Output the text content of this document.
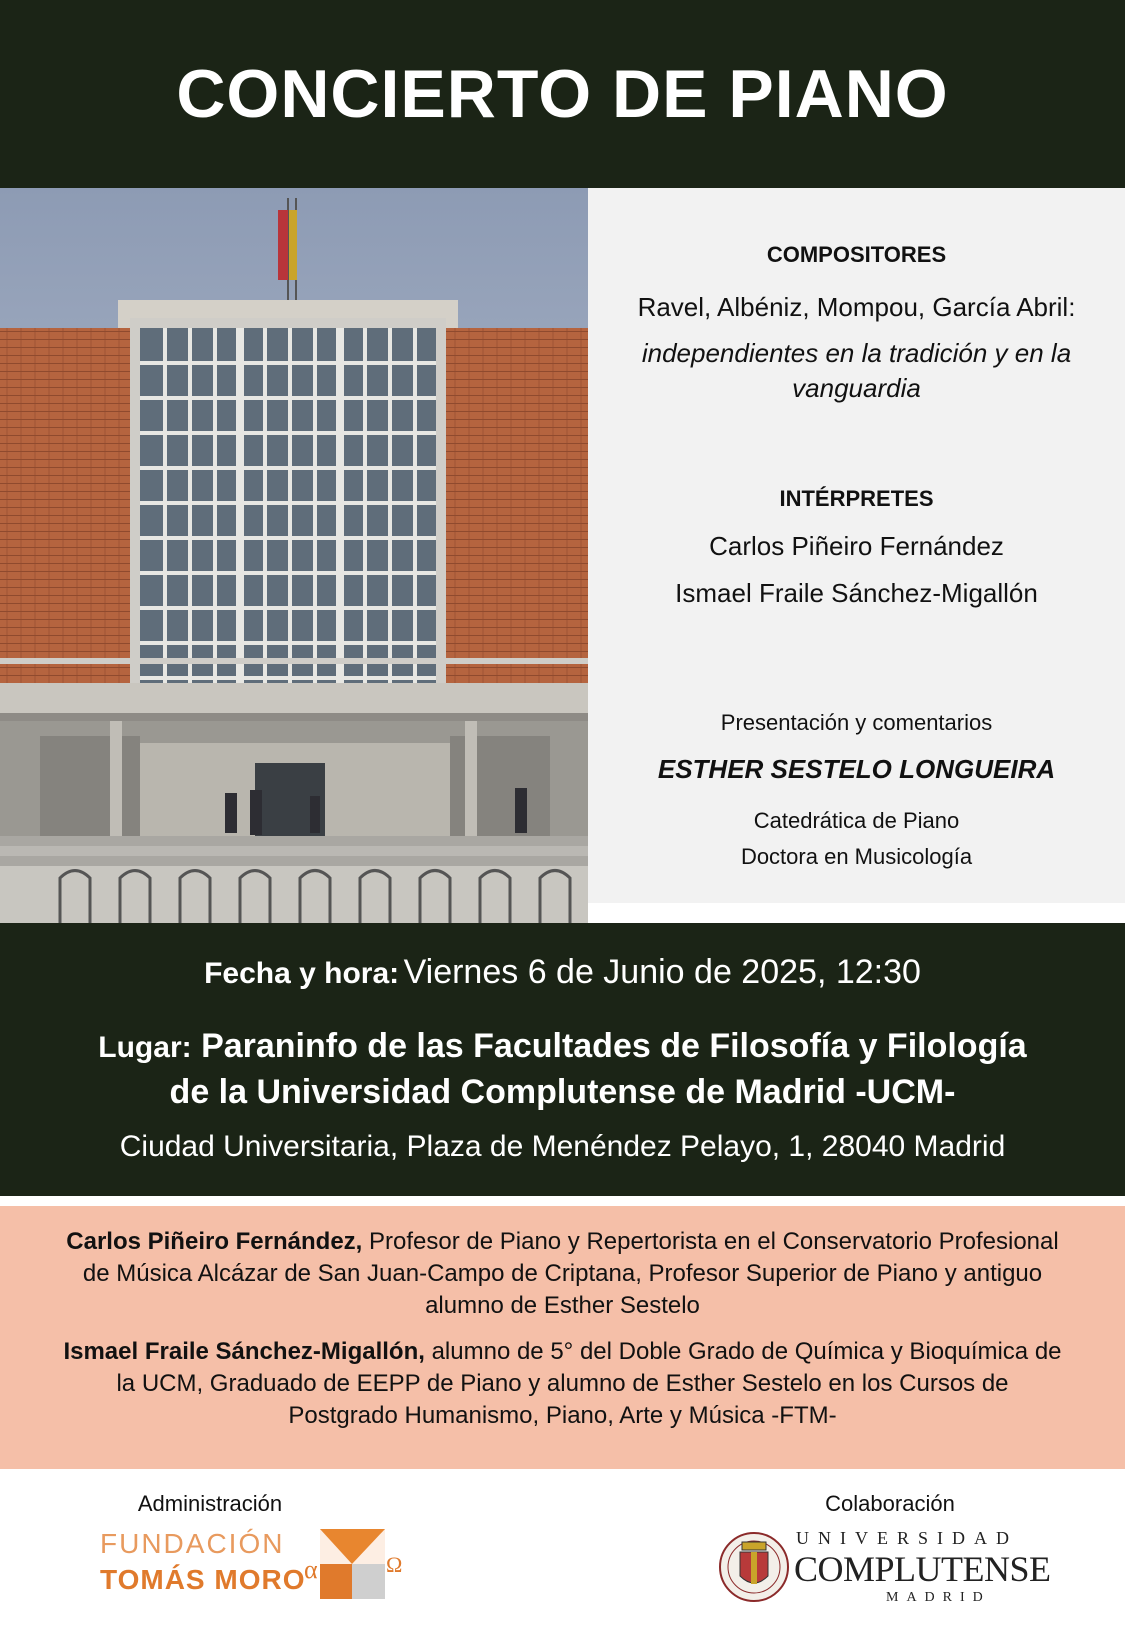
CONCIERTO DE PIANO
COMPOSITORES
Ravel, Albéniz, Mompou, García Abril:
independientes en la tradición y en la vanguardia
INTÉRPRETES
Carlos Piñeiro Fernández
Ismael Fraile Sánchez-Migallón
Presentación y comentarios
ESTHER SESTELO LONGUEIRA
Catedrática de Piano
Doctora en Musicología
Fecha y hora: Viernes 6 de Junio de 2025, 12:30
Lugar: Paraninfo de las Facultades de Filosofía y Filología
de la Universidad Complutense de Madrid -UCM-
Ciudad Universitaria, Plaza de Menéndez Pelayo, 1, 28040 Madrid

Carlos Piñeiro Fernández, Profesor de Piano y Repertorista en el Conservatorio Profesional de Música Alcázar de San Juan-Campo de Criptana, Profesor Superior de Piano y antiguo alumno de Esther Sestelo

Ismael Fraile Sánchez-Migallón, alumno de 5° del Doble Grado de Química y Bioquímica de la UCM, Graduado de EEPP de Piano y alumno de Esther Sestelo en los Cursos de Postgrado Humanismo, Piano, Arte y Música -FTM-

Administración	Colaboración
FUNDACIÓN
TOMÁS MORO
α	Ω
UNIVERSIDAD
COMPLUTENSE
MADRID
